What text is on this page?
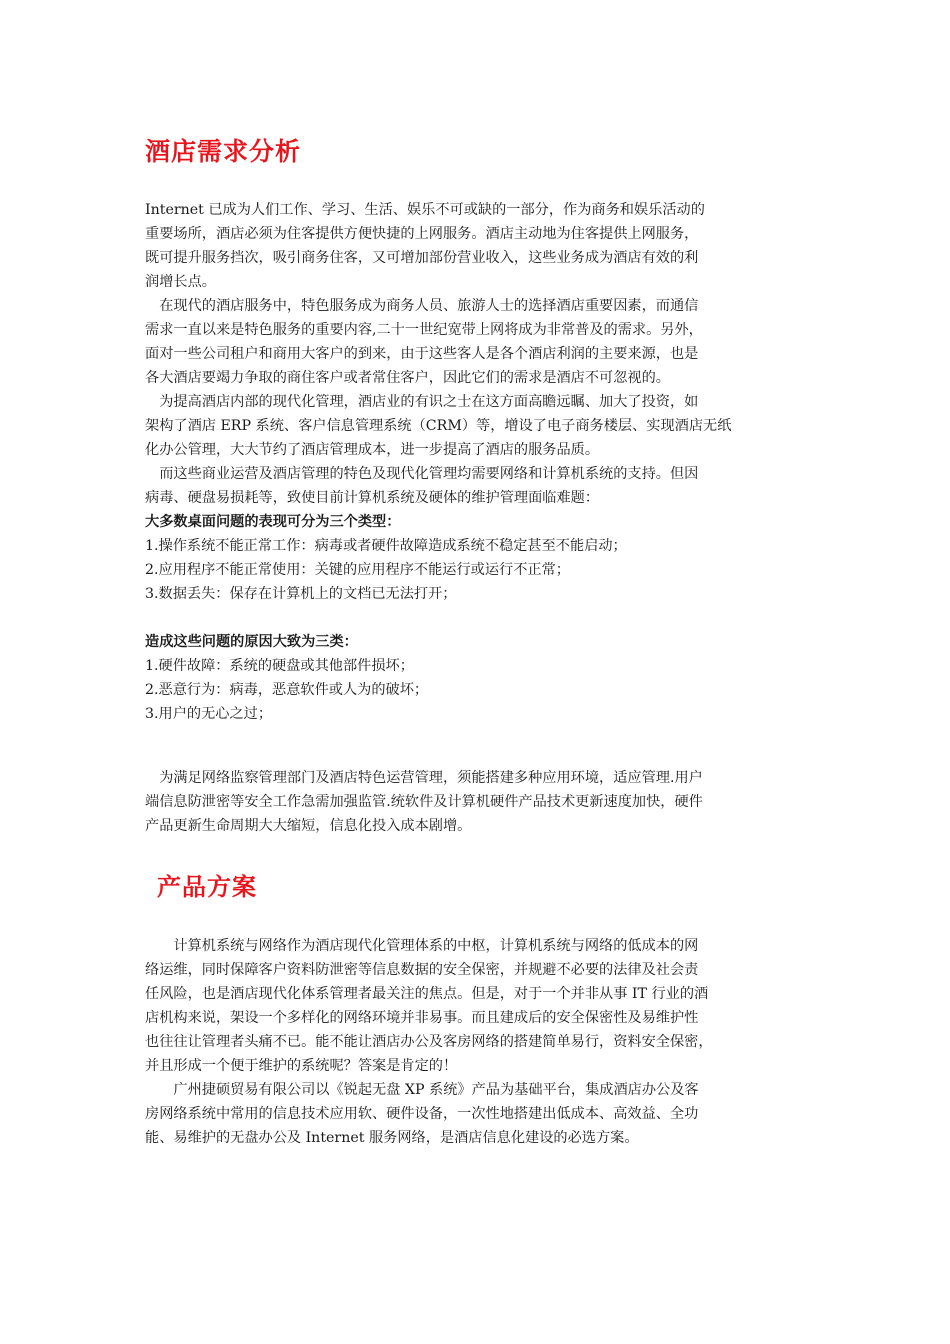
酒店需求分析
Internet 已成为人们工作、学习、生活、娱乐不可或缺的一部分，作为商务和娱乐活动的
重要场所，酒店必须为住客提供方便快捷的上网服务。酒店主动地为住客提供上网服务，
既可提升服务挡次，吸引商务住客，又可增加部份营业收入，这些业务成为酒店有效的利
润增长点。
　在现代的酒店服务中，特色服务成为商务人员、旅游人士的选择酒店重要因素，而通信
需求一直以来是特色服务的重要内容,二十一世纪宽带上网将成为非常普及的需求。另外，
面对一些公司租户和商用大客户的到来，由于这些客人是各个酒店利润的主要来源，也是
各大酒店要竭力争取的商住客户或者常住客户，因此它们的需求是酒店不可忽视的。
　为提高酒店内部的现代化管理，酒店业的有识之士在这方面高瞻远瞩、加大了投资，如
架构了酒店 ERP 系统、客户信息管理系统（CRM）等，增设了电子商务楼层、实现酒店无纸
化办公管理，大大节约了酒店管理成本，进一步提高了酒店的服务品质。
　而这些商业运营及酒店管理的特色及现代化管理均需要网络和计算机系统的支持。但因
病毒、硬盘易损耗等，致使目前计算机系统及硬体的维护管理面临难题：
大多数桌面问题的表现可分为三个类型：
1.操作系统不能正常工作：病毒或者硬件故障造成系统不稳定甚至不能启动；
2.应用程序不能正常使用：关键的应用程序不能运行或运行不正常；
3.数据丢失：保存在计算机上的文档已无法打开；
造成这些问题的原因大致为三类：
1.硬件故障：系统的硬盘或其他部件损坏；
2.恶意行为：病毒，恶意软件或人为的破坏；
3.用户的无心之过；
　为满足网络监察管理部门及酒店特色运营管理，须能搭建多种应用环境，适应管理.用户
端信息防泄密等安全工作急需加强监管.统软件及计算机硬件产品技术更新速度加快，硬件
产品更新生命周期大大缩短，信息化投入成本剧增。
产品方案
　　计算机系统与网络作为酒店现代化管理体系的中枢，计算机系统与网络的低成本的网
络运维，同时保障客户资料防泄密等信息数据的安全保密，并规避不必要的法律及社会责
任风险，也是酒店现代化体系管理者最关注的焦点。但是，对于一个并非从事 IT 行业的酒
店机构来说，架设一个多样化的网络环境并非易事。而且建成后的安全保密性及易维护性
也往往让管理者头痛不已。能不能让酒店办公及客房网络的搭建简单易行，资料安全保密，
并且形成一个便于维护的系统呢？答案是肯定的！
　　广州捷硕贸易有限公司以《锐起无盘 XP 系统》产品为基础平台，集成酒店办公及客
房网络系统中常用的信息技术应用软、硬件设备，一次性地搭建出低成本、高效益、全功
能、易维护的无盘办公及 Internet 服务网络，是酒店信息化建设的必选方案。
